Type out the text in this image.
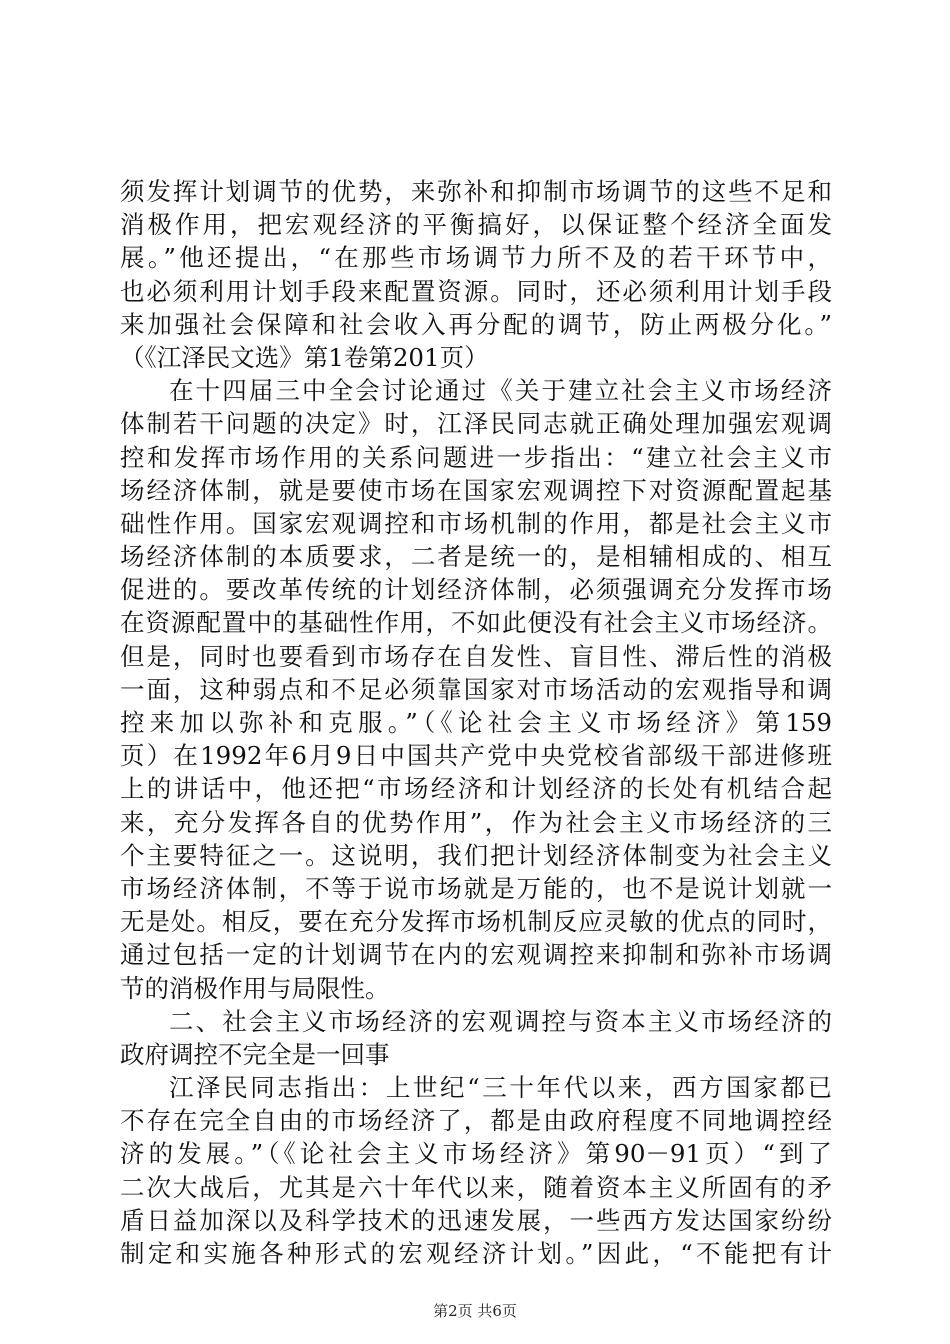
须发挥计划调节的优势，来弥补和抑制市场调节的这些不足和
消极作用，把宏观经济的平衡搞好，以保证整个经济全面发
展。”他还提出，“在那些市场调节力所不及的若干环节中，
也必须利用计划手段来配置资源。同时，还必须利用计划手段
来加强社会保障和社会收入再分配的调节，防止两极分化。”
（《江泽民文选》第1卷第201页）
在十四届三中全会讨论通过《关于建立社会主义市场经济
体制若干问题的决定》时，江泽民同志就正确处理加强宏观调
控和发挥市场作用的关系问题进一步指出：“建立社会主义市
场经济体制，就是要使市场在国家宏观调控下对资源配置起基
础性作用。国家宏观调控和市场机制的作用，都是社会主义市
场经济体制的本质要求，二者是统一的，是相辅相成的、相互
促进的。要改革传统的计划经济体制，必须强调充分发挥市场
在资源配置中的基础性作用，不如此便没有社会主义市场经济。
但是，同时也要看到市场存在自发性、盲目性、滞后性的消极
一面，这种弱点和不足必须靠国家对市场活动的宏观指导和调
控来加以弥补和克服。”（《论社会主义市场经济》第159
页）在1992年6月9日中国共产党中央党校省部级干部进修班
上的讲话中，他还把“市场经济和计划经济的长处有机结合起
来，充分发挥各自的优势作用”，作为社会主义市场经济的三
个主要特征之一。这说明，我们把计划经济体制变为社会主义
市场经济体制，不等于说市场就是万能的，也不是说计划就一
无是处。相反，要在充分发挥市场机制反应灵敏的优点的同时，
通过包括一定的计划调节在内的宏观调控来抑制和弥补市场调
节的消极作用与局限性。
二、社会主义市场经济的宏观调控与资本主义市场经济的
政府调控不完全是一回事
江泽民同志指出：上世纪“三十年代以来，西方国家都已
不存在完全自由的市场经济了，都是由政府程度不同地调控经
济的发展。”（《论社会主义市场经济》第90－91页）“到了
二次大战后，尤其是六十年代以来，随着资本主义所固有的矛
盾日益加深以及科学技术的迅速发展，一些西方发达国家纷纷
制定和实施各种形式的宏观经济计划。”因此，“不能把有计
第2页 共6页
